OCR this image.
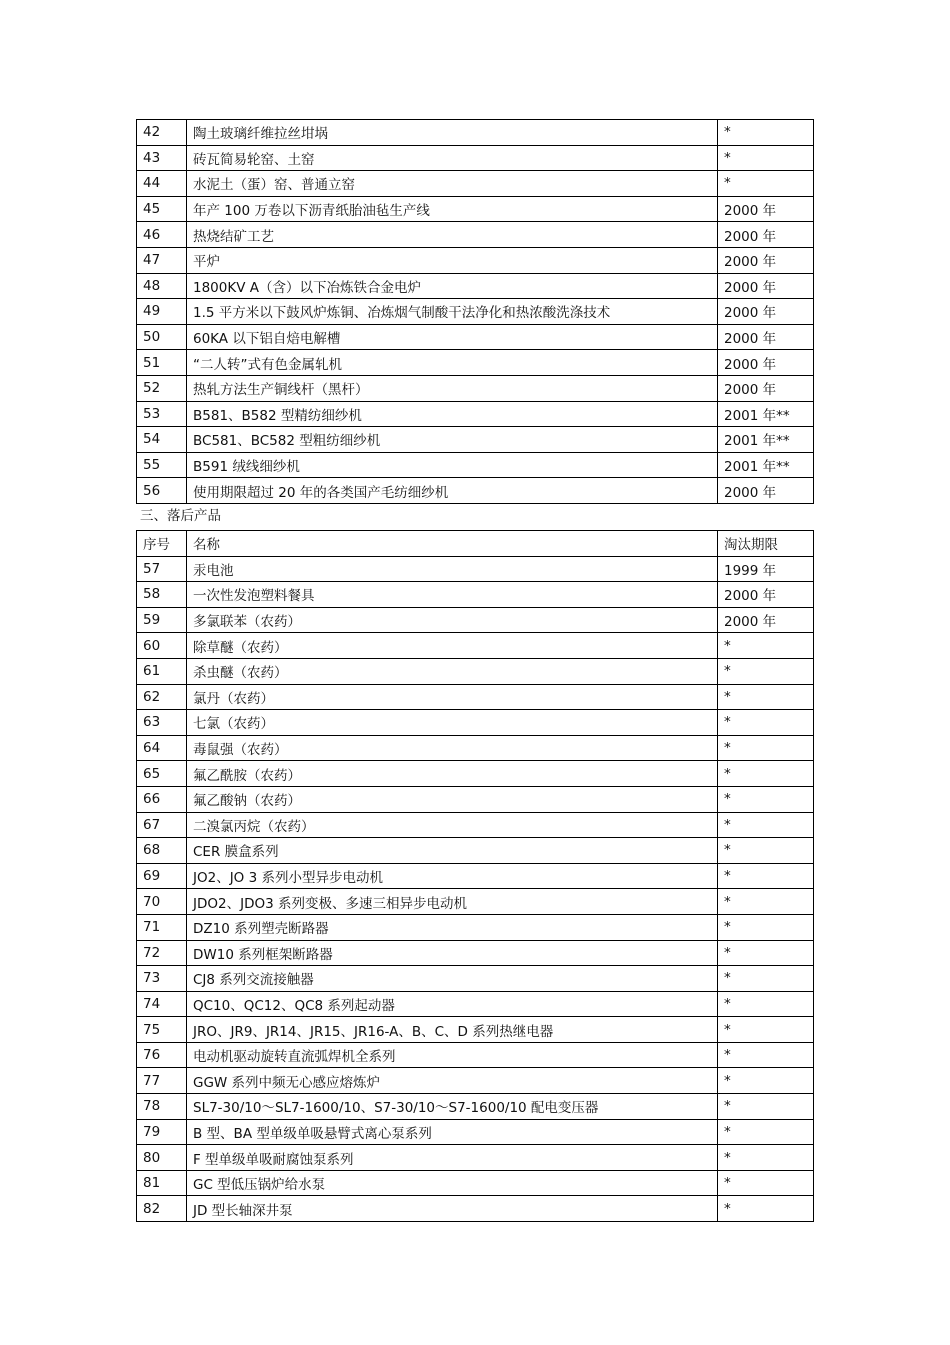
42	陶土玻璃纤维拉丝坩埚	*
43	砖瓦简易轮窑、土窑	*
44	水泥土（蛋）窑、普通立窑	*
45	年产 100 万卷以下沥青纸胎油毡生产线	2000 年
46	热烧结矿工艺	2000 年
47	平炉	2000 年
48	1800KV A（含）以下冶炼铁合金电炉	2000 年
49	1.5 平方米以下鼓风炉炼铜、冶炼烟气制酸干法净化和热浓酸洗涤技术	2000 年
50	60KA 以下铝自焙电解槽	2000 年
51	“二人转”式有色金属轧机	2000 年
52	热轧方法生产铜线杆（黑杆）	2000 年
53	B581、B582 型精纺细纱机	2001 年**
54	BC581、BC582 型粗纺细纱机	2001 年**
55	B591 绒线细纱机	2001 年**
56	使用期限超过 20 年的各类国产毛纺细纱机	2000 年
三、落后产品
序号	名称	淘汰期限
57	汞电池	1999 年
58	一次性发泡塑料餐具	2000 年
59	多氯联苯（农药）	2000 年
60	除草醚（农药）	*
61	杀虫醚（农药）	*
62	氯丹（农药）	*
63	七氯（农药）	*
64	毒鼠强（农药）	*
65	氟乙酰胺（农药）	*
66	氟乙酸钠（农药）	*
67	二溴氯丙烷（农药）	*
68	CER 膜盒系列	*
69	JO2、JO 3 系列小型异步电动机	*
70	JDO2、JDO3 系列变极、多速三相异步电动机	*
71	DZ10 系列塑壳断路器	*
72	DW10 系列框架断路器	*
73	CJ8 系列交流接触器	*
74	QC10、QC12、QC8 系列起动器	*
75	JRO、JR9、JR14、JR15、JR16-A、B、C、D 系列热继电器	*
76	电动机驱动旋转直流弧焊机全系列	*
77	GGW 系列中频无心感应熔炼炉	*
78	SL7-30/10～SL7-1600/10、S7-30/10～S7-1600/10 配电变压器	*
79	B 型、BA 型单级单吸悬臂式离心泵系列	*
80	F 型单级单吸耐腐蚀泵系列	*
81	GC 型低压锅炉给水泵	*
82	JD 型长轴深井泵	*
